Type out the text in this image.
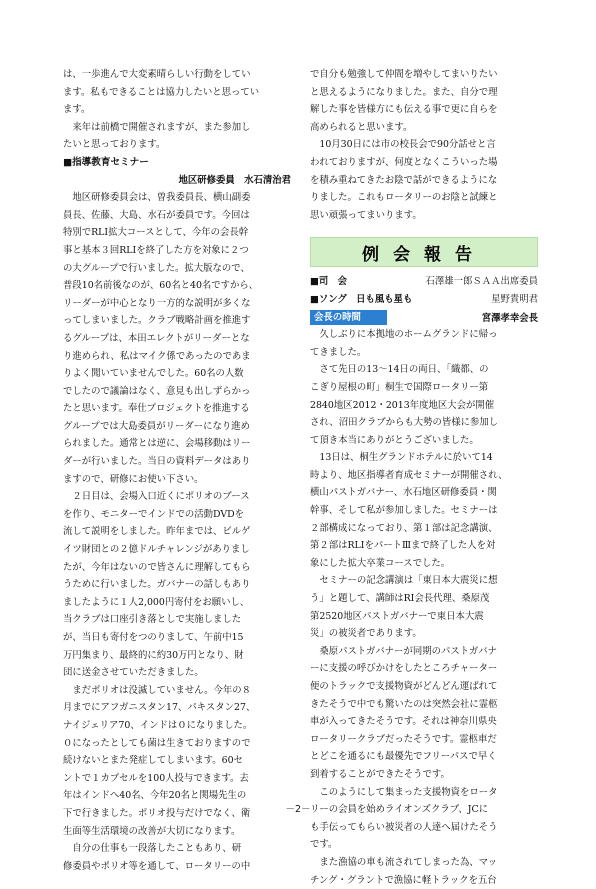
は、一歩進んで大変素晴らしい行動をしてい

ます。私もできることは協力したいと思ってい

ます。

　来年は前橋で開催されますが、また参加し

たいと思っております。

■指導教育セミナー

地区研修委員　水石清治君

　地区研修委員会は、曽我委員長、横山副委

員長、佐藤、大島、水石が委員です。今回は

特別でRLI拡大コースとして、今年の会長幹

事と基本３回RLIを終了した方を対象に２つ

の大グループで行いました。拡大版なので、

普段10名前後なのが、60名と40名ですから、

リーダーが中心となり一方的な説明が多くな

ってしまいました。クラブ戦略計画を推進す

るグループは、本田エレクトがリーダーとな

り進められ、私はマイク係であったのであま

りよく聞いていませんでした。60名の人数

でしたので議論はなく、意見も出しずらかっ

たと思います。奉仕プロジェクトを推進する

グループでは大島委員がリーダーになり進め

られました。通常とは逆に、会場移動はリー

ダーが行いました。当日の資料データはあり

ますので、研修にお使い下さい。

　２日目は、会場入口近くにポリオのブース

を作り、モニターでインドでの活動DVDを

流して説明をしました。昨年までは、ビルゲ

イツ財団との２億ドルチャレンジがありまし

たが、今年はないので皆さんに理解してもら

うために行いました。ガバナーの話しもあり

ましたように１人2,000円寄付をお願いし、

当クラブは口座引き落としで実施しました

が、当日も寄付をつのりまして、午前中15

万円集まり、最終的に約30万円となり、財

団に送金させていただきました。

　まだポリオは没滅していません。今年の８

月までにアフガニスタン17、パキスタン27、

ナイジェリア70、インドは０になりました。

０になったとしても菌は生きておりますので

続けないとまた発症してしまいます。60セ

ントで１カプセルを100人投与できます。去

年はインドへ40名、今年20名と関場先生の

下で行きました。ポリオ投与だけでなく、衛

生面等生活環境の改善が大切になります。

　自分の仕事も一段落したこともあり、研

修委員やポリオ等を通して、ロータリーの中

で自分も勉強して仲間を増やしてまいりたい

と思えるようになりました。また、自分で理

解した事を皆様方にも伝える事で更に自らを

高められると思います。

　10月30日には市の校長会で90分話せと言

われておりますが、何度となくこういった場

を積み重ねてきたお陰で話ができるようにな

りました。これもロータリーのお陰と試練と

思い頑張ってまいります。

例会報告
■司　会	石澤雄一郎ＳＡＡ出席委員
■ソング　日も風も星も	星野貴明君
会長の時間	宮澤孝幸会長

　久しぶりに本拠地のホームグランドに帰っ

てきました。

　さて先日の13～14日の両日、「織都、の

こぎり屋根の町」桐生で国際ロータリー第

2840地区2012・2013年度地区大会が開催

され、沼田クラブからも大勢の皆様に参加し

て頂き本当にありがとうございました。

　13日は、桐生グランドホテルに於いて14

時より、地区指導者育成セミナーが開催され、

横山パストガバナー、水石地区研修委員・関

幹事、そして私が参加しました。セミナーは

２部構成になっており、第１部は記念講演、

第２部はRLIをパートⅢまで終了した人を対

象にした拡大卒業コースでした。

　セミナーの記念講演は「東日本大震災に想

う」と題して、講師はRI会長代理、桑原茂

第2520地区パストガバナーで東日本大震

災」の被災者であります。

　桑原パストガバナーが同期のパストガバナ

ーに支援の呼びかけをしたところチャーター

便のトラックで支援物資がどんどん運ばれて

きたそうで中でも驚いたのは突然会社に霊柩

車が入ってきたそうです。それは神奈川県央

ロータリークラブだったそうです。霊柩車だ

とどこを通るにも最優先でフリーパスで早く

到着することができたそうです。

　このようにして集まった支援物資をロータ

リーの会員を始めライオンズクラブ、JCに

も手伝ってもらい被災者の人達へ届けたそう

です。

　また漁協の車も流されてしまった為、マッ

チング・グラントで漁協に軽トラックを五台

－2－
